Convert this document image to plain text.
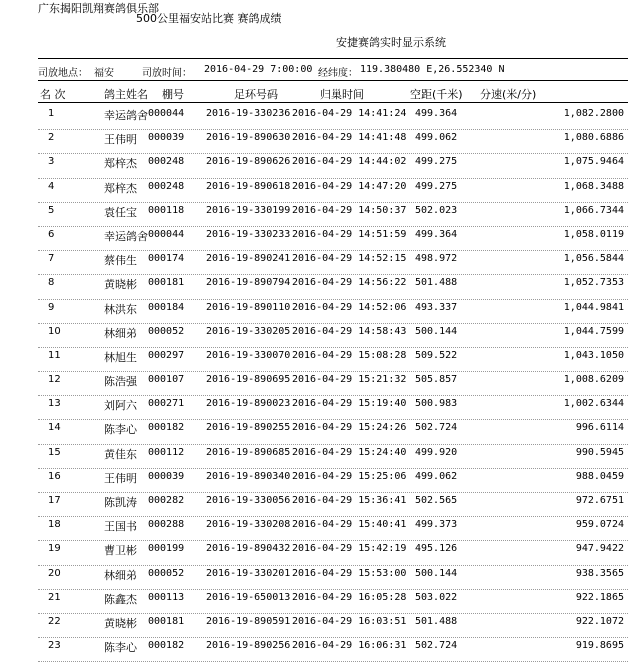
广东揭阳凯翔赛鸽俱乐部
500公里福安站比赛 赛鸽成绩
安捷赛鸽实时显示系统
司放地点： 福安	司放时间： 2016-04-29 7:00:00 经纬度： 119.380480 E,26.552340 N
名 次	鸽主姓名 棚号	足环号码	归巢时间	空距(千米) 分速(米/分)
1	幸运鸽舍 000044 2016-19-330236 2016-04-29 14:41:24 499.364	1,082.2800
2	王伟明 000039 2016-19-890630 2016-04-29 14:41:48 499.062	1,080.6886
3	郑梓杰 000248 2016-19-890626 2016-04-29 14:44:02 499.275	1,075.9464
4	郑梓杰 000248 2016-19-890618 2016-04-29 14:47:20 499.275	1,068.3488
5	袁任宝 000118 2016-19-330199 2016-04-29 14:50:37 502.023	1,066.7344
6	幸运鸽舍 000044 2016-19-330233 2016-04-29 14:51:59 499.364	1,058.0119
7	蔡伟生 000174 2016-19-890241 2016-04-29 14:52:15 498.972	1,056.5844
8	黄晓彬 000181 2016-19-890794 2016-04-29 14:56:22 501.488	1,052.7353
9	林洪东 000184 2016-19-890110 2016-04-29 14:52:06 493.337	1,044.9841
10	林细弟 000052 2016-19-330205 2016-04-29 14:58:43 500.144	1,044.7599
11	林旭生 000297 2016-19-330070 2016-04-29 15:08:28 509.522	1,043.1050
12	陈浩强 000107 2016-19-890695 2016-04-29 15:21:32 505.857	1,008.6209
13	刘阿六 000271 2016-19-890023 2016-04-29 15:19:40 500.983	1,002.6344
14	陈李心 000182 2016-19-890255 2016-04-29 15:24:26 502.724	996.6114
15	黄佳东 000112 2016-19-890685 2016-04-29 15:24:40 499.920	990.5945
16	王伟明 000039 2016-19-890340 2016-04-29 15:25:06 499.062	988.0459
17	陈凯涛 000282 2016-19-330056 2016-04-29 15:36:41 502.565	972.6751
18	王国书 000288 2016-19-330208 2016-04-29 15:40:41 499.373	959.0724
19	曹卫彬 000199 2016-19-890432 2016-04-29 15:42:19 495.126	947.9422
20	林细弟 000052 2016-19-330201 2016-04-29 15:53:00 500.144	938.3565
21	陈鑫杰 000113 2016-19-650013 2016-04-29 16:05:28 503.022	922.1865
22	黄晓彬 000181 2016-19-890591 2016-04-29 16:03:51 501.488	922.1072
23	陈李心 000182 2016-19-890256 2016-04-29 16:06:31 502.724	919.8695
